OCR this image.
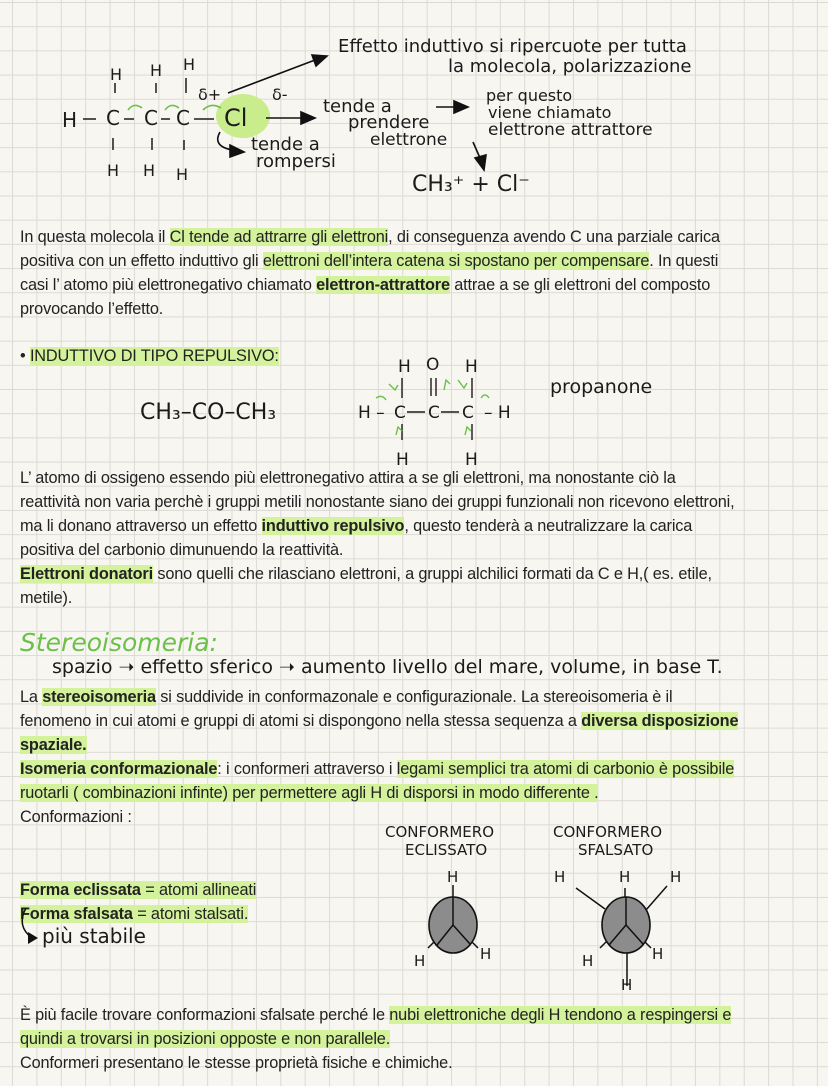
In questa molecola il Cl tende ad attrarre gli elettroni, di conseguenza avendo C una parziale carica
positiva con un effetto induttivo gli elettroni dell’intera catena si spostano per compensare. In questi
casi l’ atomo più elettronegativo chiamato elettron-attrattore attrae a se gli elettroni del composto
provocando l’effetto.
• INDUTTIVO DI TIPO REPULSIVO:
L’ atomo di ossigeno essendo più elettronegativo attira a se gli elettroni, ma nonostante ciò la
reattività non varia perchè i gruppi metili nonostante siano dei gruppi funzionali non ricevono elettroni,
ma li donano attraverso un effetto induttivo repulsivo, questo tenderà a neutralizzare la carica
positiva del carbonio dimunuendo la reattività.
Elettroni donatori sono quelli che rilasciano elettroni, a gruppi alchilici formati da C e H,( es. etile,
metile).
La stereoisomeria si suddivide in conformazonale e configurazionale. La stereoisomeria è il
fenomeno in cui atomi e gruppi di atomi si dispongono nella stessa sequenza a diversa disposizione
spaziale.
Isomeria conformazionale: i conformeri attraverso i legami semplici tra atomi di carbonio è possibile
ruotarli ( combinazioni infinte) per permettere agli H di disporsi in modo differente .
Conformazioni :
Forma eclissata = atomi allineati
Forma sfalsata = atomi stalsati.
È più facile trovare conformazioni sfalsate perché le nubi elettroniche degli H tendono a respingersi e
quindi a trovarsi in posizioni opposte e non parallele.
Conformeri presentano le stesse proprietà fisiche e chimiche.
H C C C Cl
H H H
H H H
δ+	δ-
Effetto induttivo si ripercuote per tutta
la molecola, polarizzazione
tende a
prendere
elettrone
tende a
rompersi
per questo
viene chiamato
elettrone attrattore
CH₃⁺ + Cl⁻
CH₃–CO–CH₃	H – C C C – H
H O H
H	H
propanone
Stereoisomeria:
spazio ➝ effetto sferico ➝ aumento livello del mare, volume, in base T.
più stabile
CONFORMERO
ECLISSATO
CONFORMERO
SFALSATO
H
H	H
H	H	H
H	H
H
